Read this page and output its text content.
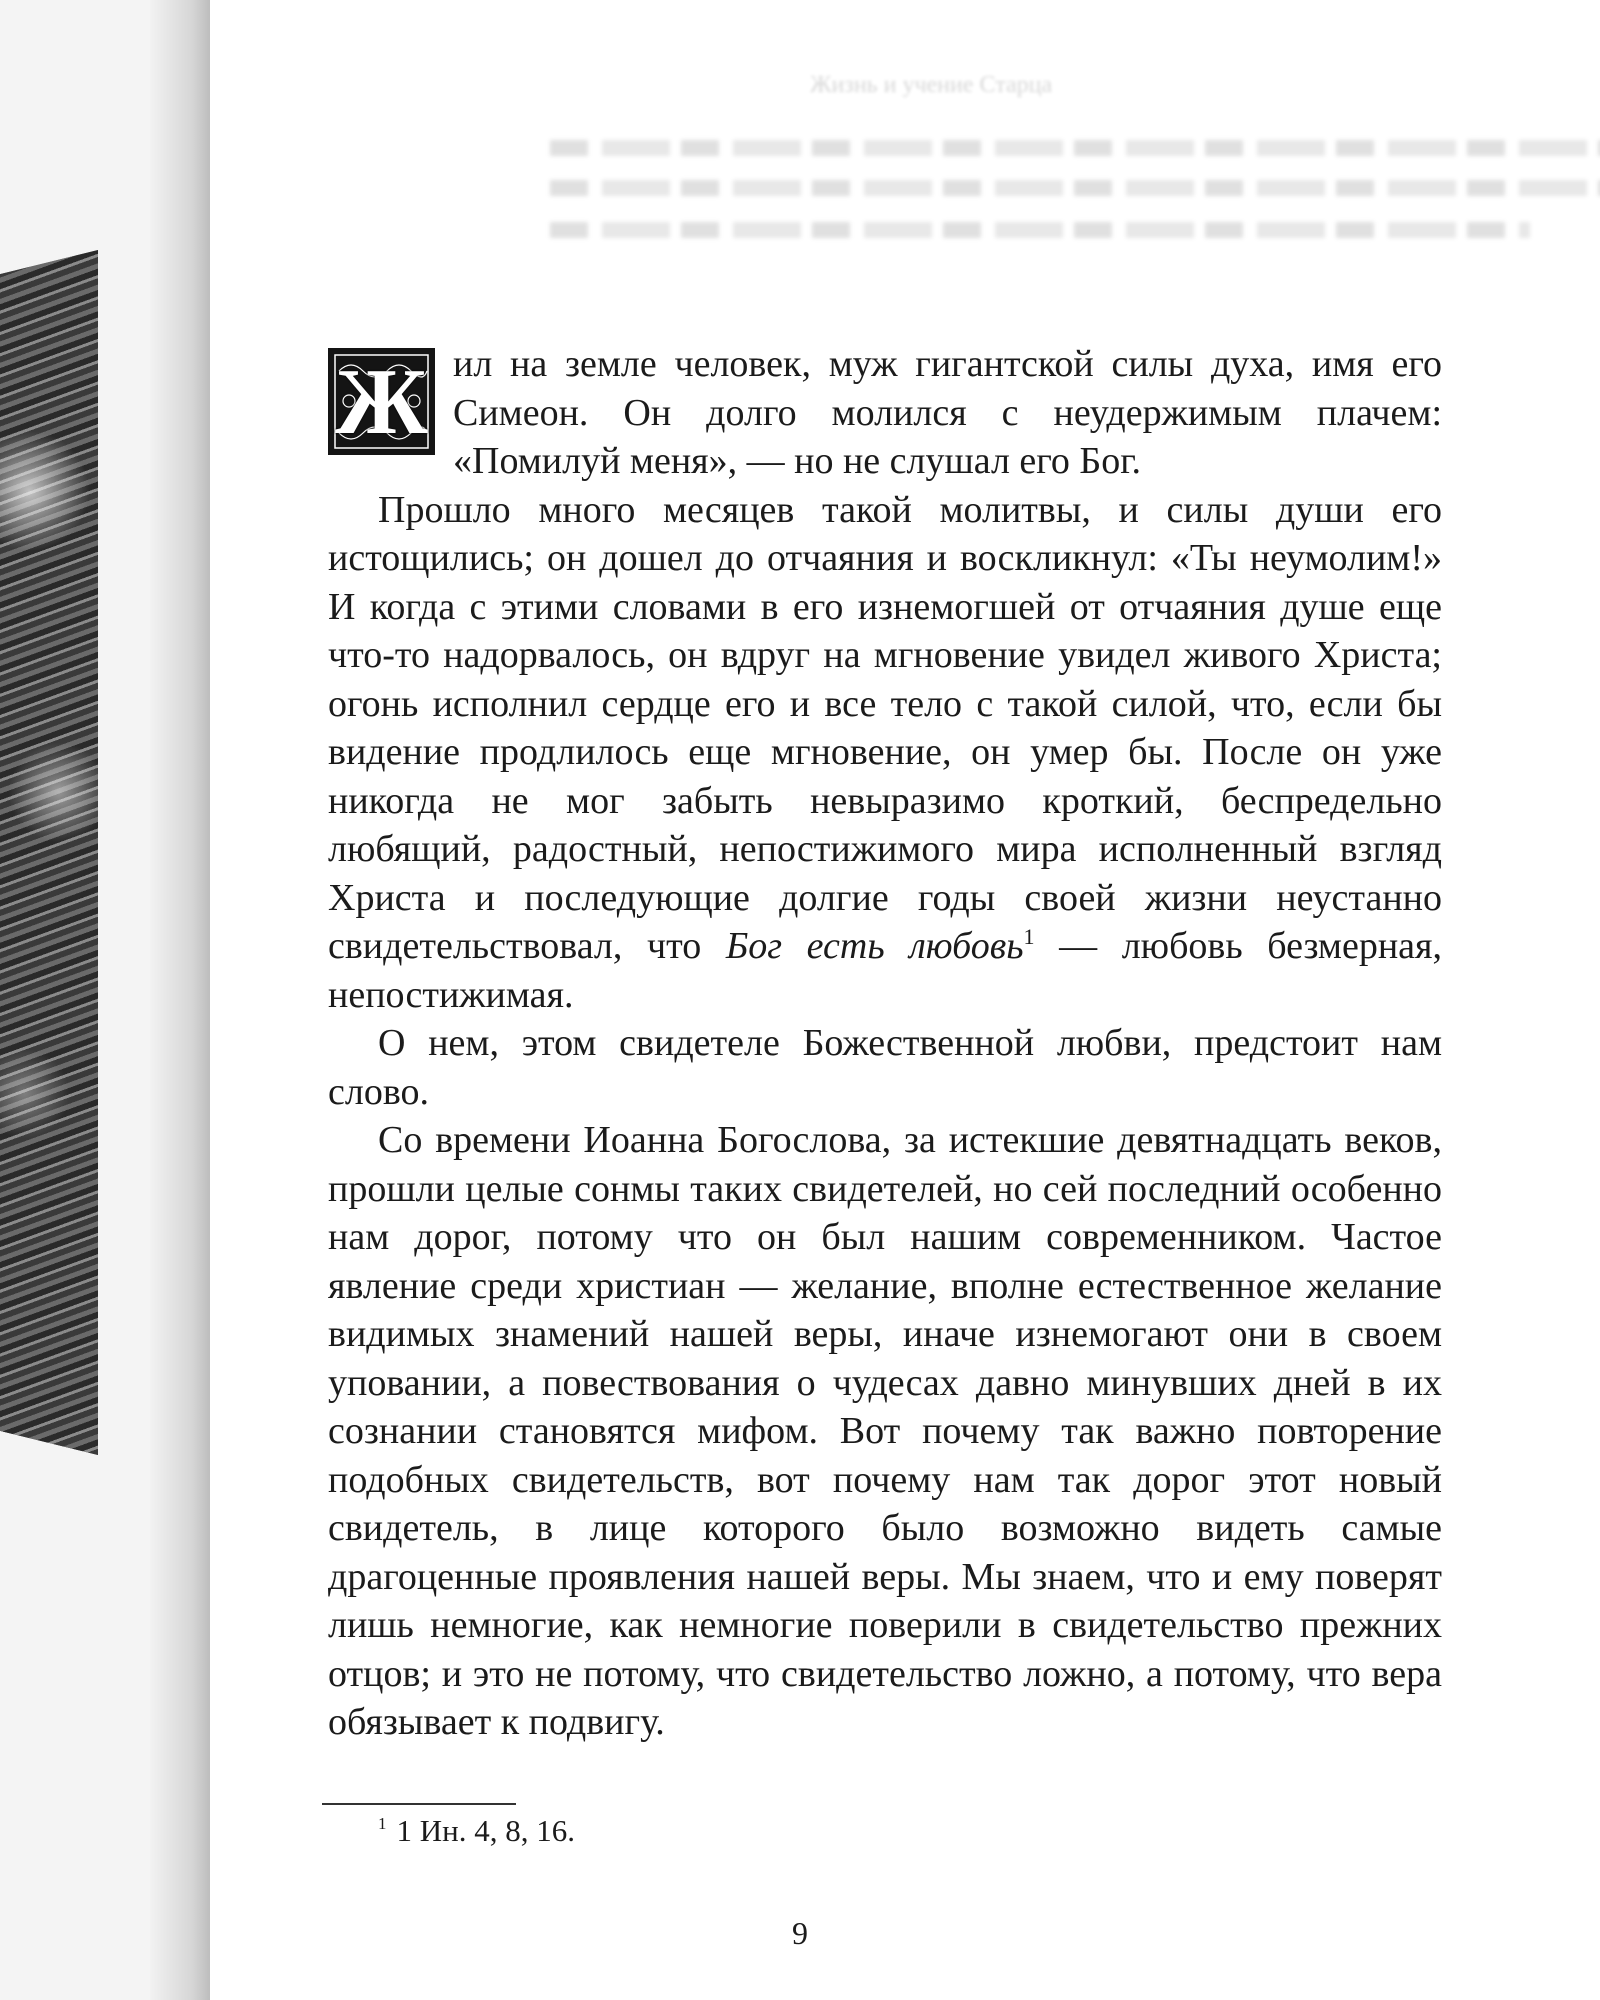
Жизнь и учение Старца
Ж ил на земле человек, муж гигантской силы духа, имя его Симеон. Он долго молился с неудержимым плачем: «Помилуй меня», — но не слушал его Бог.

Прошло много месяцев такой молитвы, и силы души его истощились; он дошел до отчаяния и воскликнул: «Ты неумолим!» И когда с этими словами в его изнемогшей от отчаяния душе еще что-то надорвалось, он вдруг на мгновение увидел живого Христа; огонь исполнил сердце его и все тело с такой силой, что, если бы видение продлилось еще мгновение, он умер бы. После он уже никогда не мог забыть невыразимо кроткий, беспредельно любящий, радостный, непостижимого мира исполненный взгляд Христа и последующие долгие годы своей жизни неустанно свидетельствовал, что Бог есть любовь$^1$ — любовь безмерная, непостижимая.

О нем, этом свидетеле Божественной любви, предстоит нам слово.

Со времени Иоанна Богослова, за истекшие девятнадцать веков, прошли целые сонмы таких свидетелей, но сей последний особенно нам дорог, потому что он был нашим современником. Частое явление среди христиан — желание, вполне естественное желание видимых знамений нашей веры, иначе изнемогают они в своем уповании, а повествования о чудесах давно минувших дней в их сознании становятся мифом. Вот почему так важно повторение подобных свидетельств, вот почему нам так дорог этот новый свидетель, в лице которого было возможно видеть самые драгоценные проявления нашей веры. Мы знаем, что и ему поверят лишь немногие, как немногие поверили в свидетельство прежних отцов; и это не потому, что свидетельство ложно, а потому, что вера обязывает к подвигу.

$^1$ 1 Ин. 4, 8, 16.
9
